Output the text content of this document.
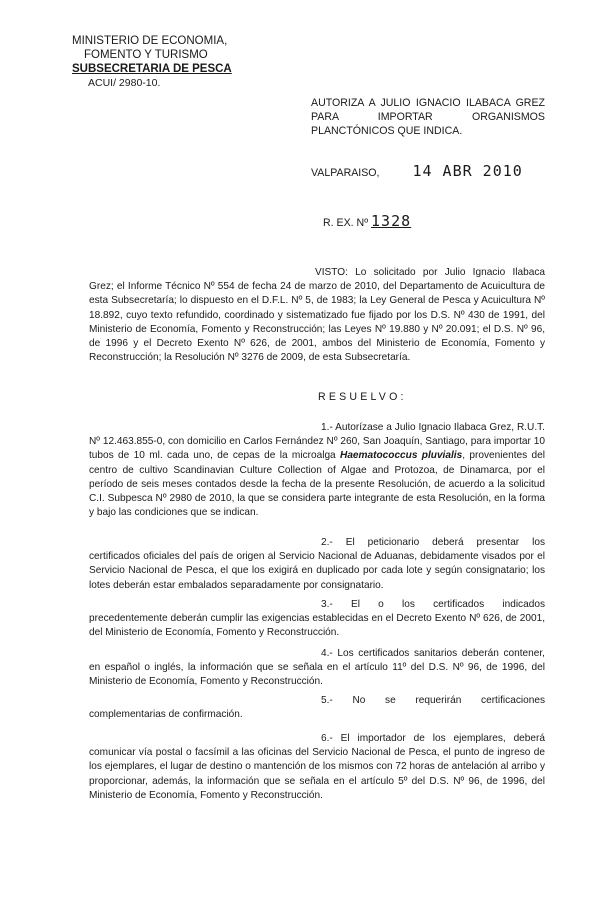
MINISTERIO DE ECONOMIA,
FOMENTO Y TURISMO
SUBSECRETARIA DE PESCA
ACUI/ 2980-10.
AUTORIZA A JULIO IGNACIO ILABACA GREZ
PARA IMPORTAR ORGANISMOS
PLANCTÓNICOS QUE INDICA.
VALPARAISO, 14 ABR 2010
R. EX. Nº 1328
VISTO: Lo solicitado por Julio Ignacio Ilabaca Grez; el Informe Técnico Nº 554 de fecha 24 de marzo de 2010, del Departamento de Acuicultura de esta Subsecretaría; lo dispuesto en el D.F.L. Nº 5, de 1983; la Ley General de Pesca y Acuicultura Nº 18.892, cuyo texto refundido, coordinado y sistematizado fue fijado por los D.S. Nº 430 de 1991, del Ministerio de Economía, Fomento y Reconstrucción; las Leyes Nº 19.880 y Nº 20.091; el D.S. Nº 96, de 1996 y el Decreto Exento Nº 626, de 2001, ambos del Ministerio de Economía, Fomento y Reconstrucción; la Resolución Nº 3276 de 2009, de esta Subsecretaría.
RESUELVO:
1.- Autorízase a Julio Ignacio Ilabaca Grez, R.U.T. Nº 12.463.855-0, con domicilio en Carlos Fernández Nº 260, San Joaquín, Santiago, para importar 10 tubos de 10 ml. cada uno, de cepas de la microalga Haematococcus pluvialis, provenientes del centro de cultivo Scandinavian Culture Collection of Algae and Protozoa, de Dinamarca, por el período de seis meses contados desde la fecha de la presente Resolución, de acuerdo a la solicitud C.I. Subpesca Nº 2980 de 2010, la que se considera parte integrante de esta Resolución, en la forma y bajo las condiciones que se indican.
2.- El peticionario deberá presentar los certificados oficiales del país de origen al Servicio Nacional de Aduanas, debidamente visados por el Servicio Nacional de Pesca, el que los exigirá en duplicado por cada lote y según consignatario; los lotes deberán estar embalados separadamente por consignatario.
3.- El o los certificados indicados precedentemente deberán cumplir las exigencias establecidas en el Decreto Exento Nº 626, de 2001, del Ministerio de Economía, Fomento y Reconstrucción.
4.- Los certificados sanitarios deberán contener, en español o inglés, la información que se señala en el artículo 11º del D.S. Nº 96, de 1996, del Ministerio de Economía, Fomento y Reconstrucción.
5.- No se requerirán certificaciones complementarias de confirmación.
6.- El importador de los ejemplares, deberá comunicar vía postal o facsímil a las oficinas del Servicio Nacional de Pesca, el punto de ingreso de los ejemplares, el lugar de destino o mantención de los mismos con 72 horas de antelación al arribo y proporcionar, además, la información que se señala en el artículo 5º del D.S. Nº 96, de 1996, del Ministerio de Economía, Fomento y Reconstrucción.
